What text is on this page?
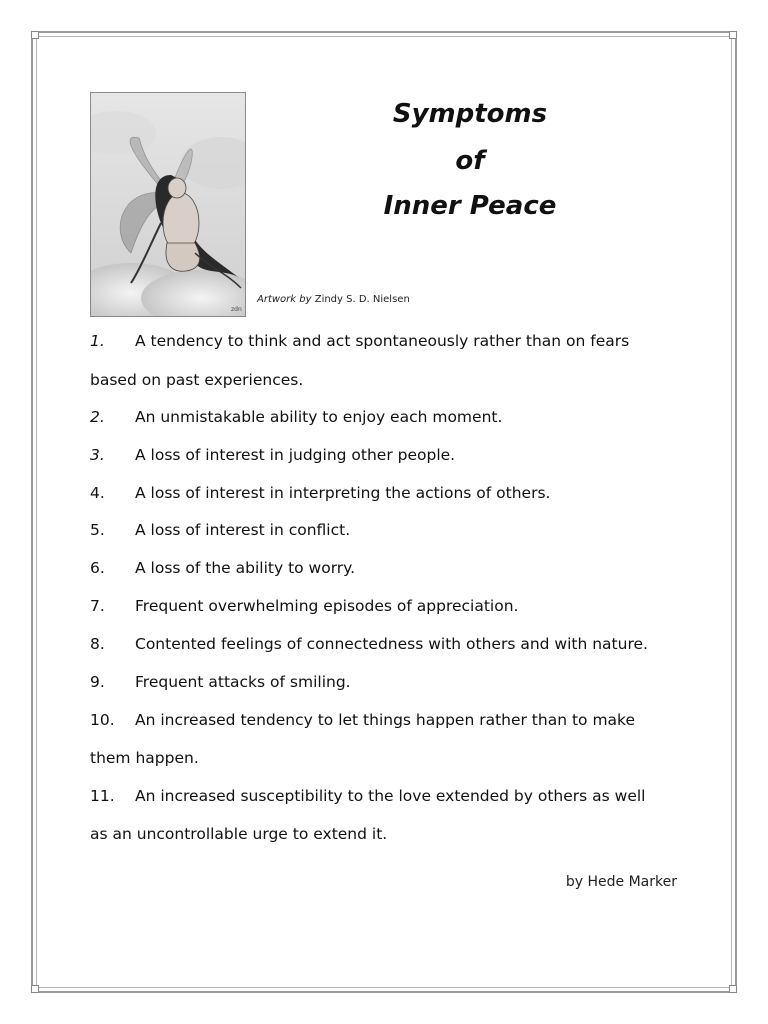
zdn
Artwork by Zindy S. D. Nielsen
Symptoms
of
Inner Peace
1. A tendency to think and act spontaneously rather than on fears
based on past experiences.
2. An unmistakable ability to enjoy each moment.
3. A loss of interest in judging other people.
4. A loss of interest in interpreting the actions of others.
5. A loss of interest in conflict.
6. A loss of the ability to worry.
7. Frequent overwhelming episodes of appreciation.
8. Contented feelings of connectedness with others and with nature.
9. Frequent attacks of smiling.
10. An increased tendency to let things happen rather than to make
them happen.
11. An increased susceptibility to the love extended by others as well
as an uncontrollable urge to extend it.
by Hede Marker
